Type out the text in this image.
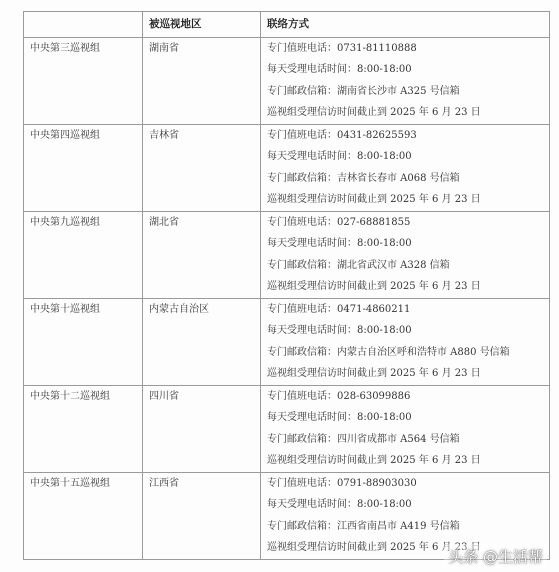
	被巡视地区	联络方式
中央第三巡视组	湖南省	专门值班电话：0731-81110888
每天受理电话时间：8:00-18:00
专门邮政信箱：湖南省长沙市 A325 号信箱
巡视组受理信访时间截止到 2025 年 6 月 23 日

中央第四巡视组	吉林省	专门值班电话：0431-82625593
每天受理电话时间：8:00-18:00
专门邮政信箱：吉林省长春市 A068 号信箱
巡视组受理信访时间截止到 2025 年 6 月 23 日

中央第九巡视组	湖北省	专门值班电话：027-68881855
每天受理电话时间：8:00-18:00
专门邮政信箱：湖北省武汉市 A328 信箱
巡视组受理信访时间截止到 2025 年 6 月 23 日

中央第十巡视组	内蒙古自治区	专门值班电话：0471-4860211
每天受理电话时间：8:00-18:00
专门邮政信箱：内蒙古自治区呼和浩特市 A880 号信箱
巡视组受理信访时间截止到 2025 年 6 月 23 日

中央第十二巡视组	四川省	专门值班电话：028-63099886
每天受理电话时间：8:00-18:00
专门邮政信箱：四川省成都市 A564 号信箱
巡视组受理信访时间截止到 2025 年 6 月 23 日

中央第十五巡视组	江西省	专门值班电话：0791-88903030
每天受理电话时间：8:00-18:00
专门邮政信箱：江西省南昌市 A419 号信箱
巡视组受理信访时间截止到 2025 年 6 月 23 日
头条 @生活帮
